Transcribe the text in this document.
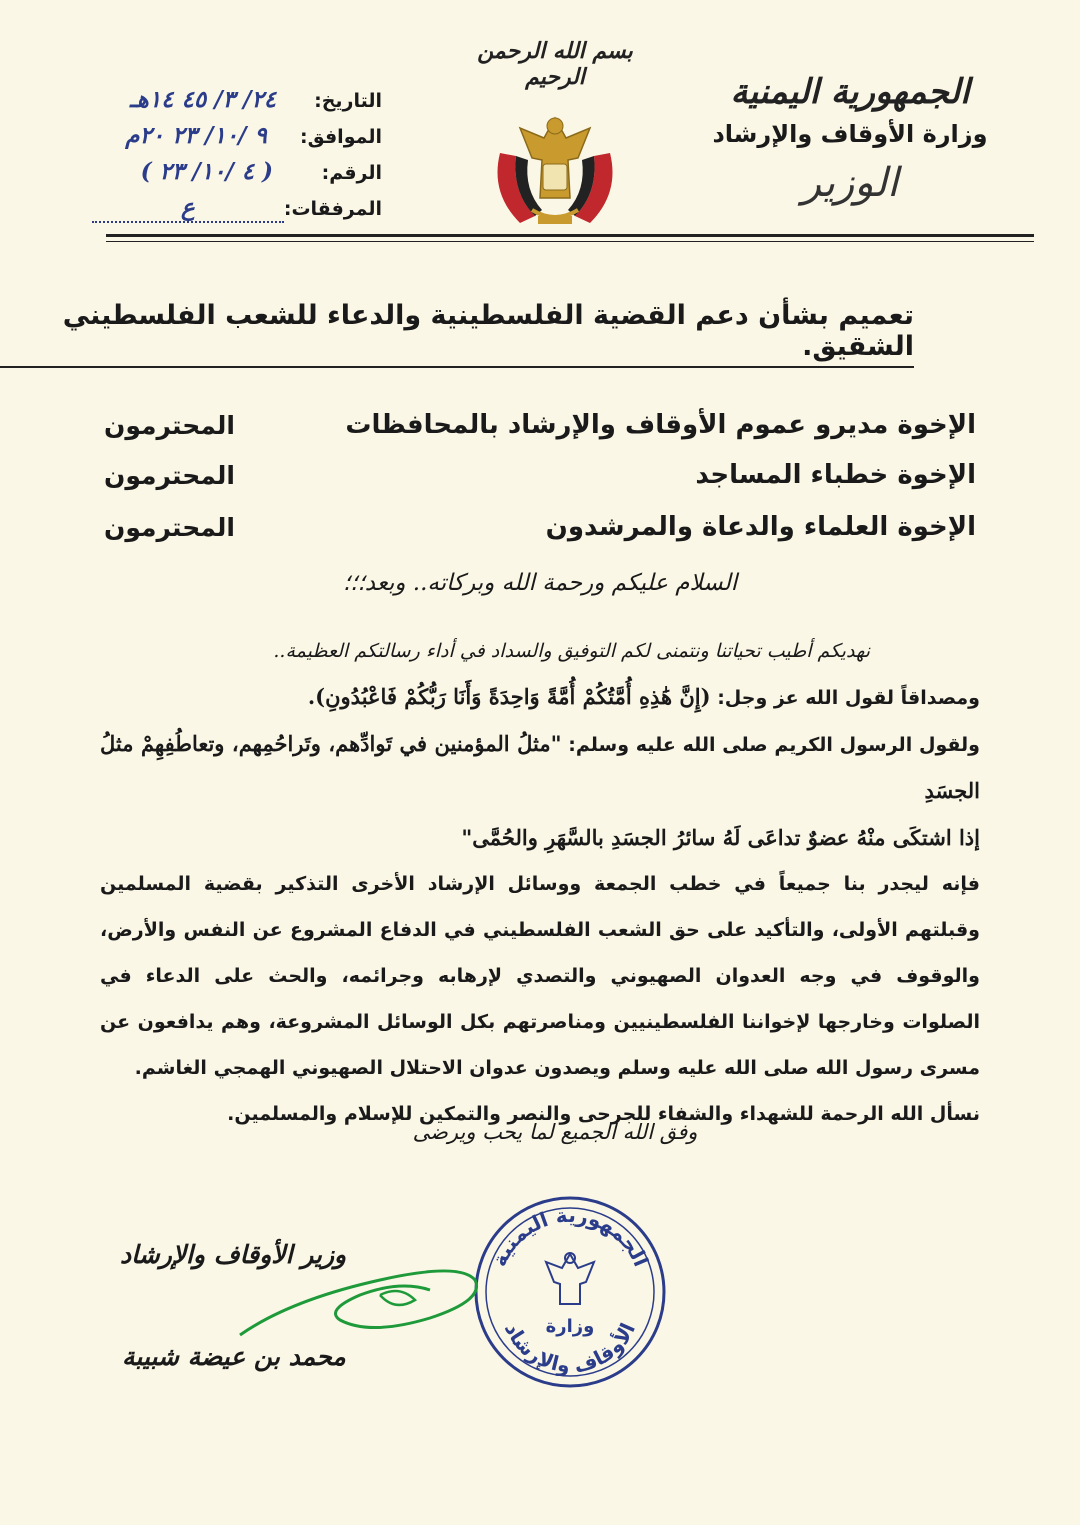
الجمهورية اليمنية
وزارة الأوقاف والإرشاد
الوزير
بسم الله الرحمن الرحيم
التاريخ:
٢٤/ ٣/ ٤٥ ١٤هـ
الموافق:
٩ /١٠/ ٢٣ ٢٠م
الرقم:
( ٤ /١٠/ ٢٣ )
المرفقات:
ع
تعميم بشأن دعم القضية الفلسطينية والدعاء للشعب الفلسطيني الشقيق.
الإخوة مديرو عموم الأوقاف والإرشاد بالمحافظات
المحترمون
الإخوة خطباء المساجد
المحترمون
الإخوة العلماء والدعاة والمرشدون
المحترمون
السلام عليكم ورحمة الله وبركاته.. وبعد؛؛؛

نهديكم أطيب تحياتنا ونتمنى لكم التوفيق والسداد في أداء رسالتكم العظيمة..

ومصداقاً لقول الله عز وجل: (إِنَّ هَٰذِهِ أُمَّتُكُمْ أُمَّةً وَاحِدَةً وَأَنَا رَبُّكُمْ فَاعْبُدُونِ).

ولقول الرسول الكريم صلى الله عليه وسلم: "مثلُ المؤمنين في تَوادِّهم، وتَراحُمِهم، وتعاطُفِهِمْ مثلُ الجسَدِ

إذا اشتكَى منْهُ عضوٌ تداعَى لَهُ سائرُ الجسَدِ بالسَّهَرِ والحُمَّى"

فإنه ليجدر بنا جميعاً في خطب الجمعة ووسائل الإرشاد الأخرى التذكير بقضية المسلمين وقبلتهم الأولى، والتأكيد على حق الشعب الفلسطيني في الدفاع المشروع عن النفس والأرض، والوقوف في وجه العدوان الصهيوني والتصدي لإرهابه وجرائمه، والحث على الدعاء في الصلوات وخارجها لإخواننا الفلسطينيين ومناصرتهم بكل الوسائل المشروعة، وهم يدافعون عن مسرى رسول الله صلى الله عليه وسلم ويصدون عدوان الاحتلال الصهيوني الهمجي الغاشم.

نسأل الله الرحمة للشهداء والشفاء للجرحى والنصر والتمكين للإسلام والمسلمين.

وفق الله الجميع لما يحب ويرضى
الجمهورية اليمنية
الأوقاف والإرشاد
وزارة
وزير الأوقاف والإرشاد
محمد بن عيضة شبيبة
